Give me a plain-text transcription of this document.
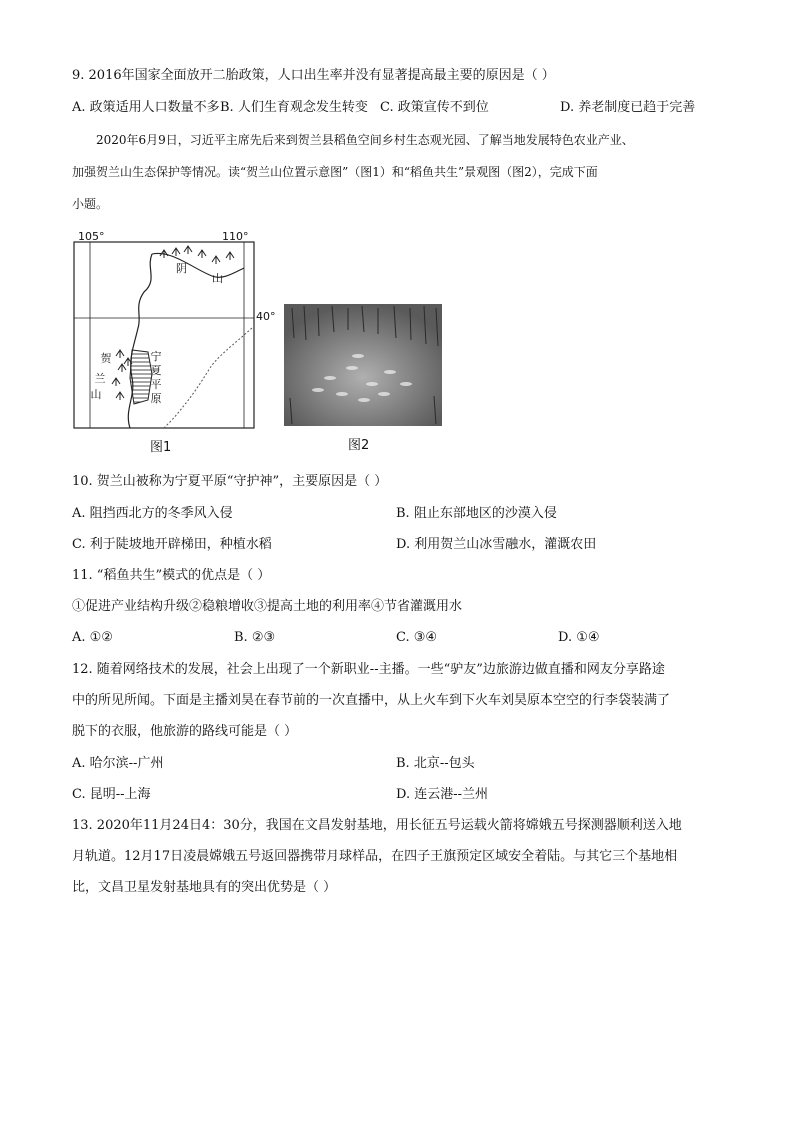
9. 2016年国家全面放开二胎政策，人口出生率并没有显著提高最主要的原因是（ ）
A. 政策适用人口数量不多 B. 人们生育观念发生转变 C. 政策宣传不到位	D. 养老制度已趋于完善
2020年6月9日，习近平主席先后来到贺兰县稻鱼空间乡村生态观光园、了解当地发展特色农业产业、
加强贺兰山生态保护等情况。读“贺兰山位置示意图”（图1）和“稻鱼共生”景观图（图2），完成下面
小题。
105°	110°
40°
阴
山
贺
兰
山
宁
夏
平
原
图1	图2
10. 贺兰山被称为宁夏平原“守护神”，主要原因是（ ）
A. 阻挡西北方的冬季风入侵	B. 阻止东部地区的沙漠入侵
C. 利于陡坡地开辟梯田，种植水稻	D. 利用贺兰山冰雪融水，灌溉农田
11. “稻鱼共生”模式的优点是（ ）
①促进产业结构升级②稳粮增收③提高土地的利用率④节省灌溉用水
A. ①②	B. ②③	C. ③④	D. ①④
12. 随着网络技术的发展，社会上出现了一个新职业--主播。一些“驴友”边旅游边做直播和网友分享路途
中的所见所闻。下面是主播刘昊在春节前的一次直播中，从上火车到下火车刘昊原本空空的行李袋装满了
脱下的衣服，他旅游的路线可能是（ ）
A. 哈尔滨--广州	B. 北京--包头
C. 昆明--上海	D. 连云港--兰州
13. 2020年11月24日4：30分，我国在文昌发射基地，用长征五号运载火箭将嫦娥五号探测器顺利送入地
月轨道。12月17日凌晨嫦娥五号返回器携带月球样品，在四子王旗预定区域安全着陆。与其它三个基地相
比，文昌卫星发射基地具有的突出优势是（ ）
